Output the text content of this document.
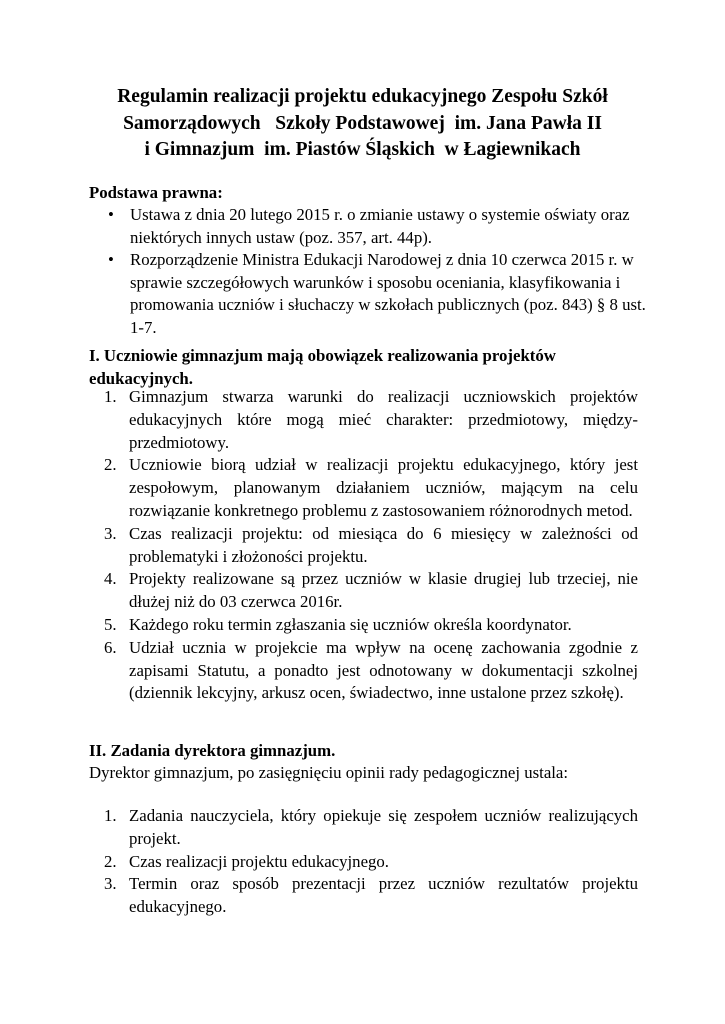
Regulamin realizacji projektu edukacyjnego Zespołu Szkół
Samorządowych   Szkoły Podstawowej  im. Jana Pawła II
i Gimnazjum  im. Piastów Śląskich  w Łagiewnikach
Podstawa prawna:
• Ustawa z dnia 20 lutego 2015 r. o zmianie ustawy o systemie oświaty oraz niektórych innych ustaw (poz. 357, art. 44p).
• Rozporządzenie Ministra Edukacji Narodowej z dnia 10 czerwca 2015 r. w sprawie szczegółowych warunków i sposobu oceniania, klasyfikowania i promowania uczniów i słuchaczy w szkołach publicznych (poz. 843) § 8 ust. 1-7.
I. Uczniowie gimnazjum mają obowiązek realizowania projektów
edukacyjnych.
1. Gimnazjum stwarza warunki do realizacji uczniowskich projektów edukacyjnych które mogą mieć charakter: przedmiotowy, między-przedmiotowy.
2. Uczniowie biorą udział w realizacji projektu edukacyjnego, który jest zespołowym, planowanym działaniem uczniów, mającym na celu rozwiązanie konkretnego problemu z zastosowaniem różnorodnych metod.
3. Czas realizacji projektu: od miesiąca do 6 miesięcy w zależności od problematyki i złożoności projektu.
4. Projekty realizowane są przez uczniów w klasie drugiej lub trzeciej, nie dłużej niż do 03 czerwca 2016r.
5. Każdego roku termin zgłaszania się uczniów określa koordynator.
6. Udział ucznia w projekcie ma wpływ na ocenę zachowania zgodnie z zapisami Statutu, a ponadto jest odnotowany w dokumentacji szkolnej (dziennik lekcyjny, arkusz ocen, świadectwo, inne ustalone przez szkołę).
II. Zadania dyrektora gimnazjum.
Dyrektor gimnazjum, po zasięgnięciu opinii rady pedagogicznej ustala:
1. Zadania nauczyciela, który opiekuje się zespołem uczniów realizujących projekt.
2. Czas realizacji projektu edukacyjnego.
3. Termin oraz sposób prezentacji przez uczniów rezultatów projektu edukacyjnego.
